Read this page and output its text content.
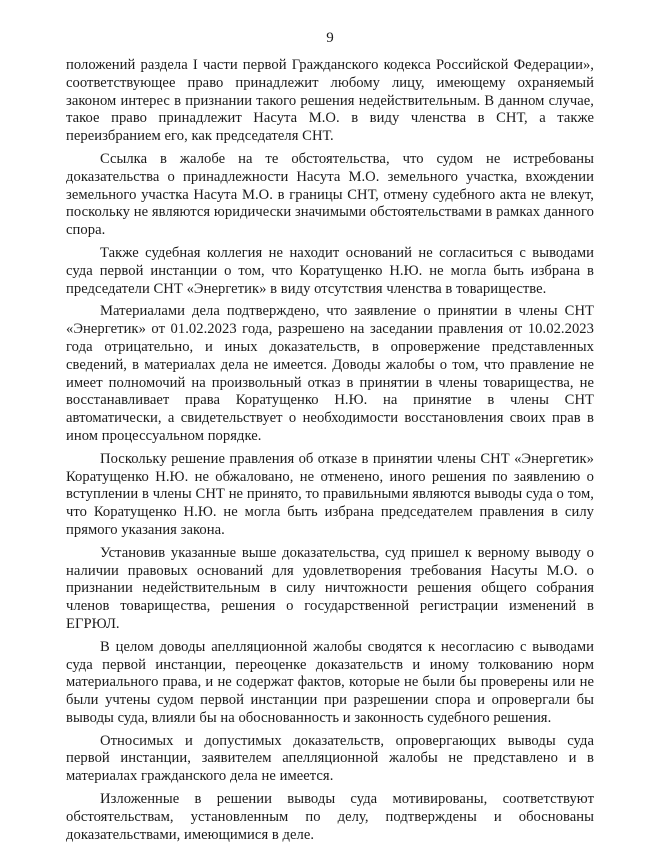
9

положений раздела I части первой Гражданского кодекса Российской Федерации», соответствующее право принадлежит любому лицу, имеющему охраняемый законом интерес в признании такого решения недействительным. В данном случае, такое право принадлежит Насута М.О. в виду членства в СНТ, а также переизбранием его, как председателя СНТ.

Ссылка в жалобе на те обстоятельства, что судом не истребованы доказательства о принадлежности Насута М.О. земельного участка, вхождении земельного участка Насута М.О. в границы СНТ, отмену судебного акта не влекут, поскольку не являются юридически значимыми обстоятельствами в рамках данного спора.

Также судебная коллегия не находит оснований не согласиться с выводами суда первой инстанции о том, что Коратущенко Н.Ю. не могла быть избрана в председатели СНТ «Энергетик» в виду отсутствия членства в товариществе.

Материалами дела подтверждено, что заявление о принятии в члены СНТ «Энергетик» от 01.02.2023 года, разрешено на заседании правления от 10.02.2023 года отрицательно, и иных доказательств, в опровержение представленных сведений, в материалах дела не имеется. Доводы жалобы о том, что правление не имеет полномочий на произвольный отказ в принятии в члены товарищества, не восстанавливает права Коратущенко Н.Ю. на принятие в члены СНТ автоматически, а свидетельствует о необходимости восстановления своих прав в ином процессуальном порядке.

Поскольку решение правления об отказе в принятии члены СНТ «Энергетик» Коратущенко Н.Ю. не обжаловано, не отменено, иного решения по заявлению о вступлении в члены СНТ не принято, то правильными являются выводы суда о том, что Коратущенко Н.Ю. не могла быть избрана председателем правления в силу прямого указания закона.

Установив указанные выше доказательства, суд пришел к верному выводу о наличии правовых оснований для удовлетворения требования Насуты М.О. о признании недействительным в силу ничтожности решения общего собрания членов товарищества, решения о государственной регистрации изменений в ЕГРЮЛ.

В целом доводы апелляционной жалобы сводятся к несогласию с выводами суда первой инстанции, переоценке доказательств и иному толкованию норм материального права, и не содержат фактов, которые не были бы проверены или не были учтены судом первой инстанции при разрешении спора и опровергали бы выводы суда, влияли бы на обоснованность и законность судебного решения.

Относимых и допустимых доказательств, опровергающих выводы суда первой инстанции, заявителем апелляционной жалобы не представлено и в материалах гражданского дела не имеется.

Изложенные в решении выводы суда мотивированы, соответствуют обстоятельствам, установленным по делу, подтверждены и обоснованы доказательствами, имеющимися в деле.
